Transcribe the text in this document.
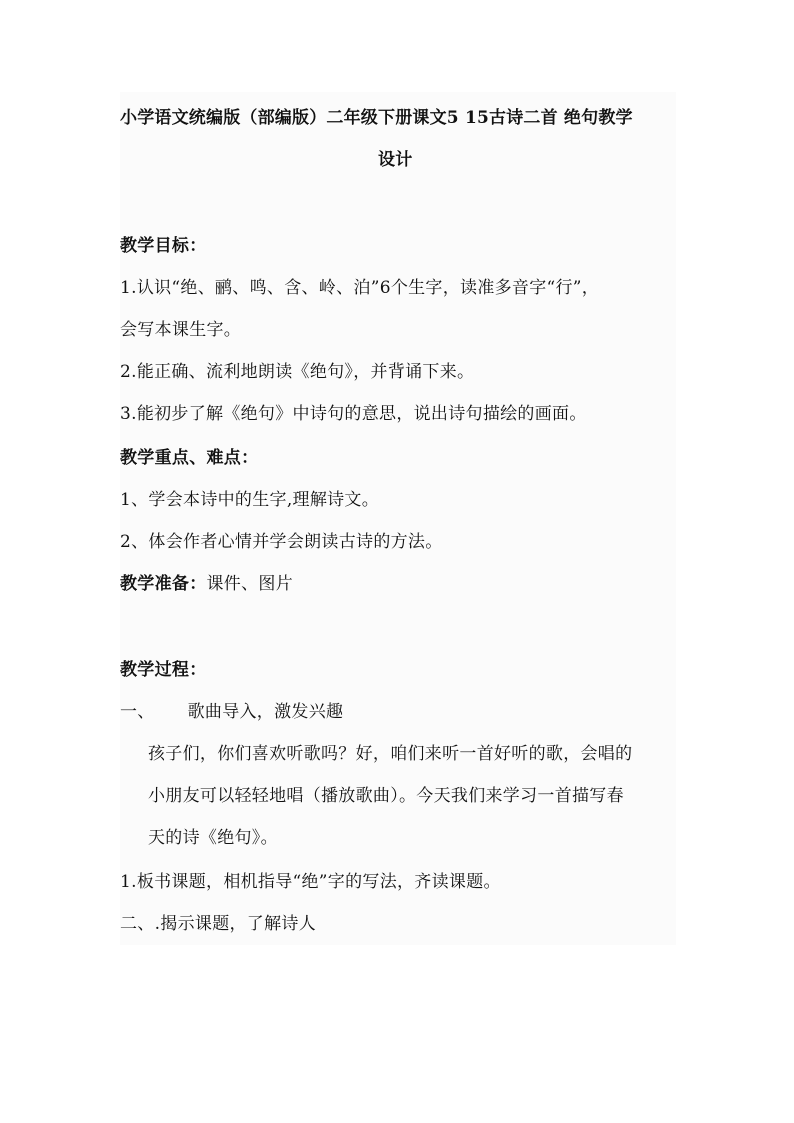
小学语文统编版（部编版）二年级下册课文5 15古诗二首 绝句教学
设计
教学目标：
1.认识“绝、鹂、鸣、含、岭、泊”6个生字，读准多音字“行”，
会写本课生字。
2.能正确、流利地朗读《绝句》，并背诵下来。
3.能初步了解《绝句》中诗句的意思，说出诗句描绘的画面。
教学重点、难点：
1、学会本诗中的生字,理解诗文。
2、体会作者心情并学会朗读古诗的方法。
教学准备：课件、图片
教学过程：
一、 歌曲导入，激发兴趣
孩子们，你们喜欢听歌吗？好，咱们来听一首好听的歌，会唱的
小朋友可以轻轻地唱（播放歌曲）。今天我们来学习一首描写春
天的诗《绝句》。
1.板书课题，相机指导“绝”字的写法，齐读课题。
二、.揭示课题，了解诗人
